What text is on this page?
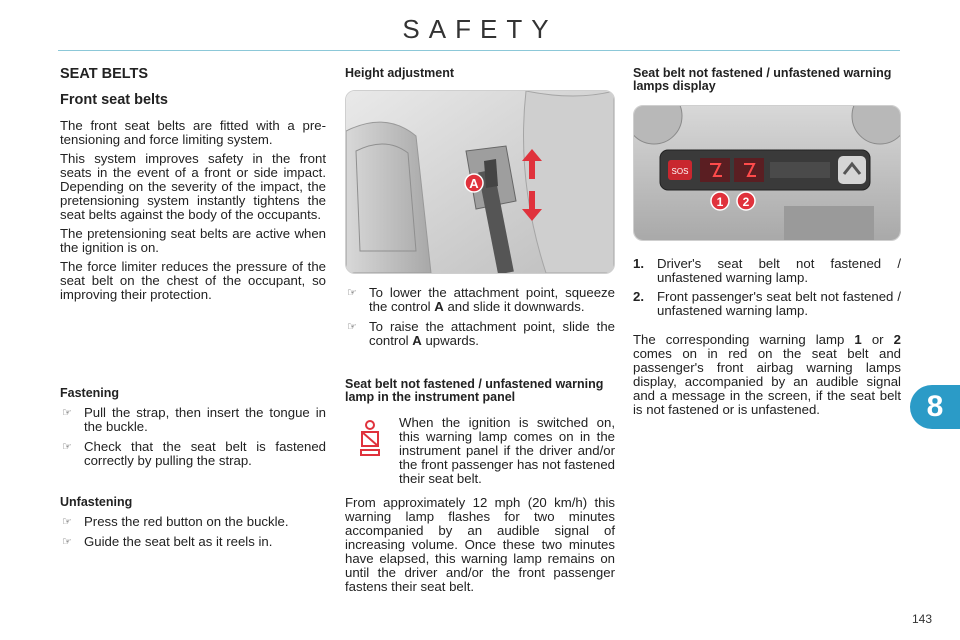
SAFETY
SEAT BELTS
Front seat belts

The front seat belts are fitted with a pre-tensioning and force limiting system.

This system improves safety in the front seats in the event of a front or side impact. Depending on the severity of the impact, the pretensioning system instantly tightens the seat belts against the body of the occupants.

The pretensioning seat belts are active when the ignition is on.

The force limiter reduces the pressure of the seat belt on the chest of the occupant, so improving their protection.

Fastening
☞ Pull the strap, then insert the tongue in the buckle.
☞ Check that the seat belt is fastened correctly by pulling the strap.
Unfastening
☞ Press the red button on the buckle.
☞ Guide the seat belt as it reels in.
Height adjustment
A
☞ To lower the attachment point, squeeze the control A and slide it downwards.
☞ To raise the attachment point, slide the control A upwards.
Seat belt not fastened / unfastened warning lamp in the instrument panel
When the ignition is switched on, this warning lamp comes on in the instrument panel if the driver and/or the front passenger has not fastened their seat belt.

From approximately 12 mph (20 km/h) this warning lamp flashes for two minutes accompanied by an audible signal of increasing volume. Once these two minutes have elapsed, this warning lamp remains on until the driver and/or the front passenger fastens their seat belt.

Seat belt not fastened / unfastened warning lamps display
SOS
1 2
1. Driver's seat belt not fastened / unfastened warning lamp.
2. Front passenger's seat belt not fastened / unfastened warning lamp.

The corresponding warning lamp 1 or 2 comes on in red on the seat belt and passenger's front airbag warning lamps display, accompanied by an audible signal and a message in the screen, if the seat belt is not fastened or is unfastened.	8
143
